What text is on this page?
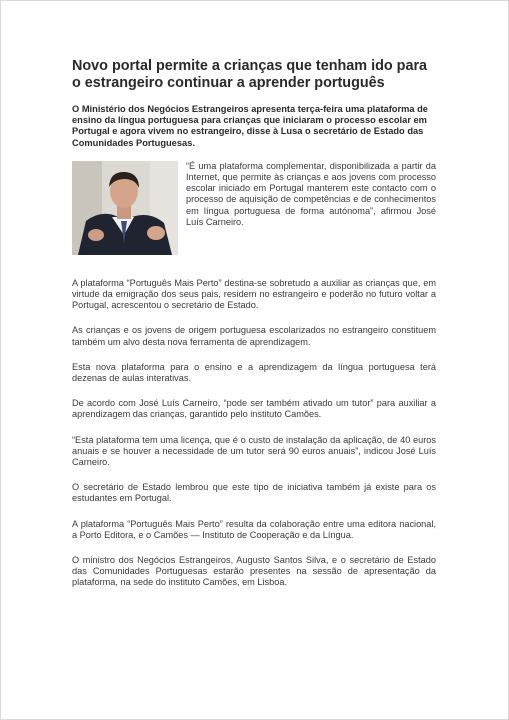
Novo portal permite a crianças que tenham ido para o estrangeiro continuar a aprender português

O Ministério dos Negócios Estrangeiros apresenta terça-feira uma plataforma de ensino da língua portuguesa para crianças que iniciaram o processo escolar em Portugal e agora vivem no estrangeiro, disse à Lusa o secretário de Estado das Comunidades Portuguesas.

“É uma plataforma complementar, disponibilizada a partir da Internet, que permite às crianças e aos jovens com processo escolar iniciado em Portugal manterem este contacto com o processo de aquisição de competências e de conhecimentos em língua portuguesa de forma autónoma”, afirmou José Luís Carneiro.

A plataforma “Português Mais Perto” destina-se sobretudo a auxiliar as crianças que, em virtude da emigração dos seus pais, residem no estrangeiro e poderão no futuro voltar a Portugal, acrescentou o secretário de Estado.

As crianças e os jovens de origem portuguesa escolarizados no estrangeiro constituem também um alvo desta nova ferramenta de aprendizagem.

Esta nova plataforma para o ensino e a aprendizagem da língua portuguesa terá dezenas de aulas interativas.

De acordo com José Luís Carneiro, “pode ser também ativado um tutor” para auxiliar a aprendizagem das crianças, garantido pelo instituto Camões.

“Esta plataforma tem uma licença, que é o custo de instalação da aplicação, de 40 euros anuais e se houver a necessidade de um tutor será 90 euros anuais”, indicou José Luís Carneiro.

O secretário de Estado lembrou que este tipo de iniciativa também já existe para os estudantes em Portugal.

A plataforma “Português Mais Perto” resulta da colaboração entre uma editora nacional, a Porto Editora, e o Camões — Instituto de Cooperação e da Língua.

O ministro dos Negócios Estrangeiros, Augusto Santos Silva, e o secretário de Estado das Comunidades Portuguesas estarão presentes na sessão de apresentação da plataforma, na sede do instituto Camões, em Lisboa.
